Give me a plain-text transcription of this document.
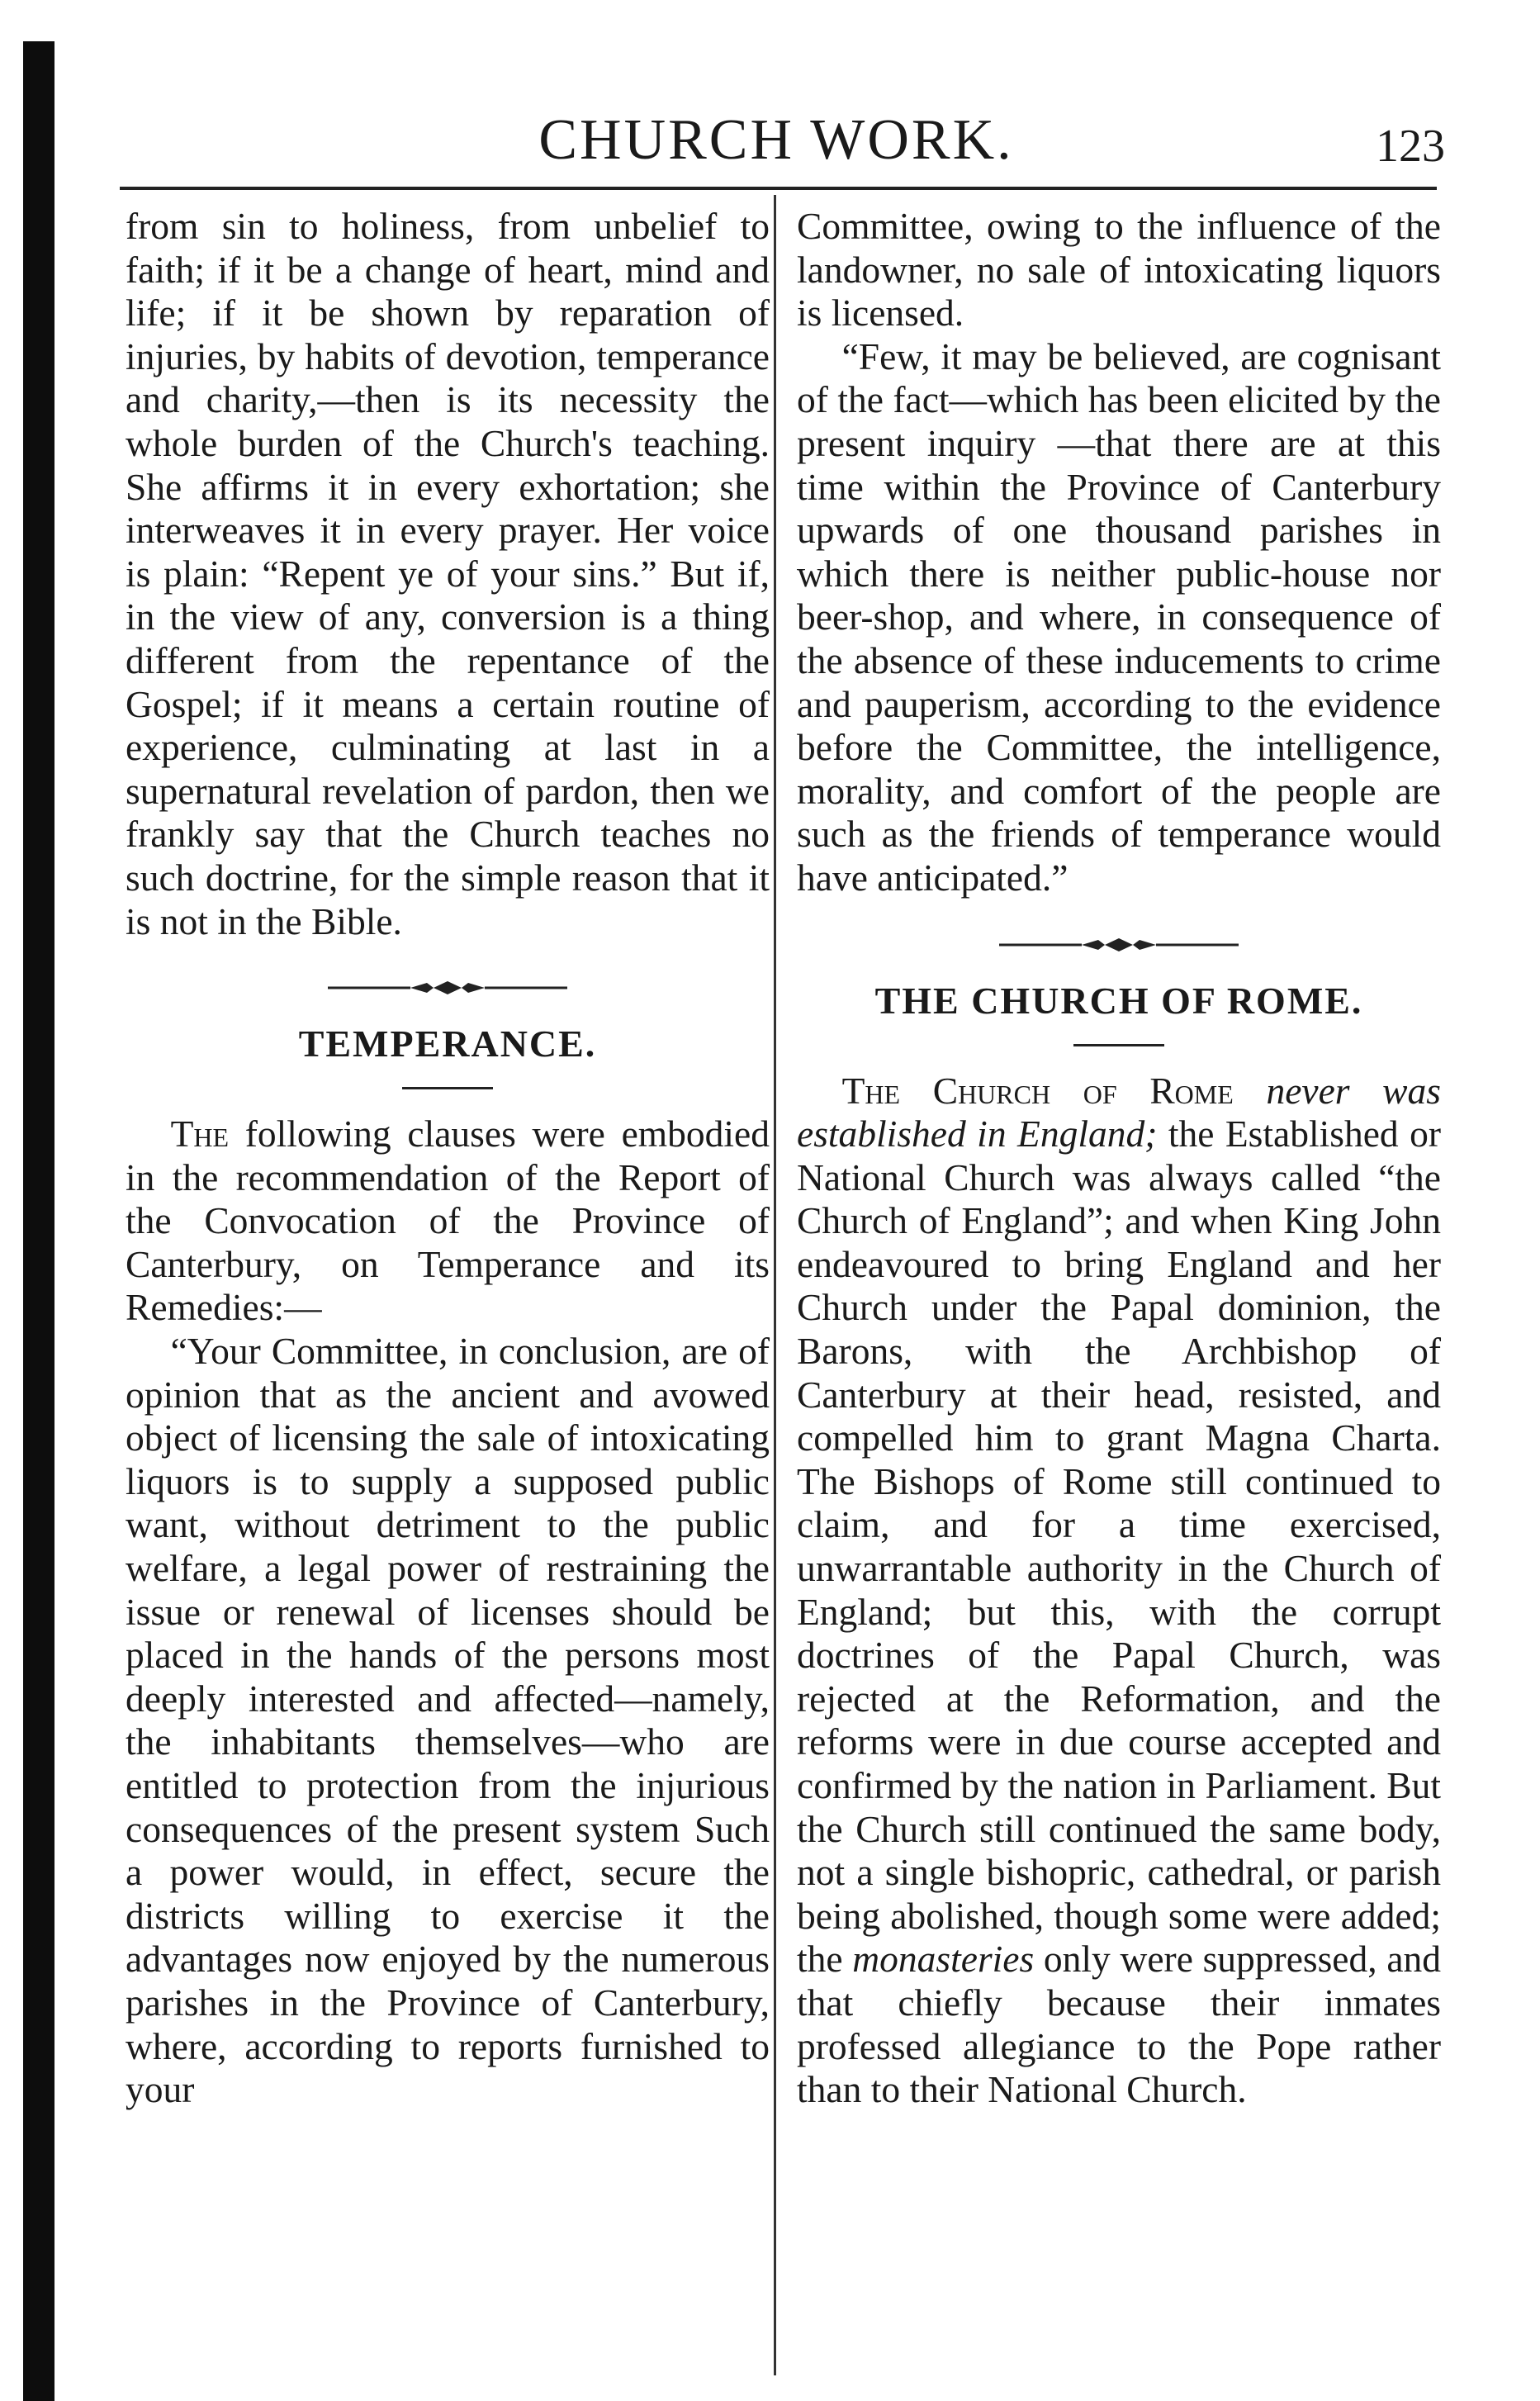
CHURCH WORK.	123

from sin to holiness, from unbelief to faith; if it be a change of heart, mind and life; if it be shown by reparation of injuries, by habits of devotion, temperance and charity,—then is its necessity the whole burden of the Church's teaching. She affirms it in every exhortation; she interweaves it in every prayer. Her voice is plain: “Repent ye of your sins.” But if, in the view of any, conversion is a thing different from the repentance of the Gospel; if it means a certain routine of experience, culminating at last in a supernatural revelation of pardon, then we frankly say that the Church teaches no such doctrine, for the simple reason that it is not in the Bible.

TEMPERANCE.

The following clauses were embodied in the recommendation of the Report of the Convocation of the Province of Canterbury, on Temperance and its Remedies:—

“Your Committee, in conclusion, are of opinion that as the ancient and avowed object of licensing the sale of intoxicating liquors is to supply a supposed public want, without detriment to the public welfare, a legal power of restraining the issue or renewal of licenses should be placed in the hands of the persons most deeply interested and affected—namely, the inhabitants themselves—who are entitled to protection from the injurious consequences of the present system Such a power would, in effect, secure the districts willing to exercise it the advantages now enjoyed by the numerous parishes in the Province of Canterbury, where, according to reports furnished to your

Committee, owing to the influence of the landowner, no sale of intoxicating liquors is licensed.

“Few, it may be believed, are cognisant of the fact—which has been elicited by the present inquiry —that there are at this time within the Province of Canterbury upwards of one thousand parishes in which there is neither public-house nor beer-shop, and where, in consequence of the absence of these inducements to crime and pauperism, according to the evidence before the Committee, the intelligence, morality, and comfort of the people are such as the friends of temperance would have anticipated.”

THE CHURCH OF ROME.

The Church of Rome never was established in England; the Established or National Church was always called “the Church of England”; and when King John endeavoured to bring England and her Church under the Papal dominion, the Barons, with the Archbishop of Canterbury at their head, resisted, and compelled him to grant Magna Charta. The Bishops of Rome still continued to claim, and for a time exercised, unwarrantable authority in the Church of England; but this, with the corrupt doctrines of the Papal Church, was rejected at the Reformation, and the reforms were in due course accepted and confirmed by the nation in Parliament. But the Church still continued the same body, not a single bishopric, cathedral, or parish being abolished, though some were added; the monasteries only were suppressed, and that chiefly because their inmates professed allegiance to the Pope rather than to their National Church.
